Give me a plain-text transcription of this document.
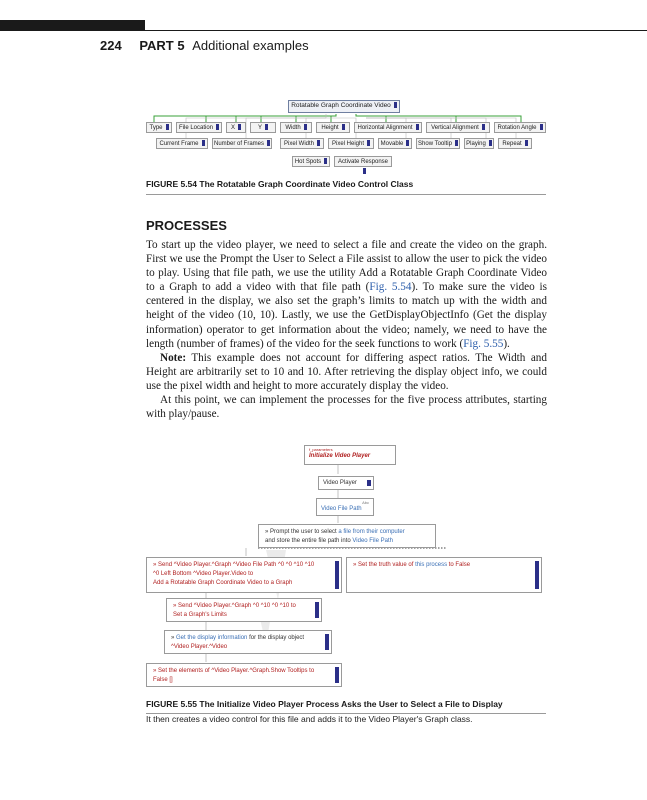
224 PART 5 Additional examples
Rotatable Graph Coordinate Video
Type	File Location	X	Y	Width	Height	Horizontal Alignment	Vertical Alignment	Rotation Angle
Current Frame	Number of Frames	Pixel Width	Pixel Height	Movable	Show Tooltip	Playing	Repeat
Hot Spots	Activate Response
FIGURE 5.54 The Rotatable Graph Coordinate Video Control Class
PROCESSES

To start up the video player, we need to select a file and create the video on the graph. First we use the Prompt the User to Select a File assist to allow the user to pick the video to play. Using that file path, we use the utility Add a Rotatable Graph Coordinate Video to a Graph to add a video with that file path (Fig. 5.54). To make sure the video is centered in the display, we also set the graph’s limits to match up with the width and height of the video (10, 10). Lastly, we use the GetDisplayObjectInfo (Get the display information) operator to get information about the video; namely, we need to have the length (number of frames) of the video for the seek functions to work (Fig. 5.55).

Note: This example does not account for differing aspect ratios. The Width and Height are arbitrarily set to 10 and 10. After retrieving the display object info, we could use the pixel width and height to more accurately display the video.

At this point, we can implement the processes for the five process attributes, starting with play/pause.

f_parameters
Initialize Video Player
Video Player
Abc
Video File Path
» Prompt the user to select a file from their computer
and store the entire file path into Video File Path
» Send ^Video Player.^Graph ^Video File Path ^0 ^0 ^10 ^10
^0 Left Bottom ^Video Player.Video to
Add a Rotatable Graph Coordinate Video to a Graph
» Set the truth value of this process to False
» Send ^Video Player.^Graph ^0 ^10 ^0 ^10 to
Set a Graph's Limits
» Get the display information for the display object
^Video Player.^Video
» Set the elements of ^Video Player.^Graph.Show Tooltips to
False []
FIGURE 5.55 The Initialize Video Player Process Asks the User to Select a File to Display
It then creates a video control for this file and adds it to the Video Player's Graph class.
